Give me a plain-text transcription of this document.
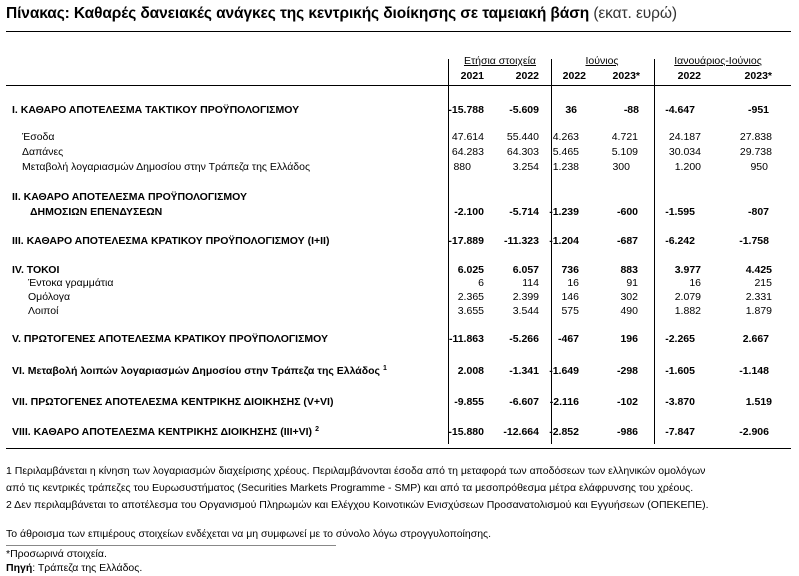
Πίνακας: Καθαρές δανειακές ανάγκες της κεντρικής διοίκησης σε ταμειακή βάση (εκατ. ευρώ)
Ετήσια στοιχεία	Ιούνιος	Ιανουάριος-Ιούνιος
2021	2022	2022	2023*	2022	2023*
I. ΚΑΘΑΡΟ ΑΠΟΤΕΛΕΣΜΑ ΤΑΚΤΙΚΟΥ ΠΡΟΫΠΟΛΟΓΙΣΜΟΥ	-15.788	-5.609	36	-88	-4.647	-951
Έσοδα	47.614	55.440	4.263	4.721	24.187	27.838
Δαπάνες	64.283	64.303	5.465	5.109	30.034	29.738
Μεταβολή λογαριασμών Δημοσίου στην Τράπεζα της Ελλάδος	880	3.254	1.238	300	1.200	950
II. ΚΑΘΑΡΟ ΑΠΟΤΕΛΕΣΜΑ ΠΡΟΫΠΟΛΟΓΙΣΜΟΥ
ΔΗΜΟΣΙΩΝ ΕΠΕΝΔΥΣΕΩΝ	-2.100	-5.714 -1.239	-600	-1.595	-807
III. ΚΑΘΑΡΟ ΑΠΟΤΕΛΕΣΜΑ ΚΡΑΤΙΚΟΥ ΠΡΟΫΠΟΛΟΓΙΣΜΟΥ (I+II)	-17.889	-11.323 -1.204	-687	-6.242	-1.758
IV. ΤΟΚΟΙ	6.025	6.057	736	883	3.977	4.425
Έντοκα γραμμάτια	6	114	16	91	16	215
Ομόλογα	2.365	2.399	146	302	2.079	2.331
Λοιποί	3.655	3.544	575	490	1.882	1.879
V. ΠΡΩΤΟΓΕΝΕΣ ΑΠΟΤΕΛΕΣΜΑ ΚΡΑΤΙΚΟΥ ΠΡΟΫΠΟΛΟΓΙΣΜΟΥ	-11.863	-5.266	-467	196	-2.265	2.667
VI. Μεταβολή λοιπών λογαριασμών Δημοσίου στην Τράπεζα της Ελλάδος $^1$	2.008	-1.341 -1.649	-298	-1.605	-1.148
VII. ΠΡΩΤΟΓΕΝΕΣ ΑΠΟΤΕΛΕΣΜΑ ΚΕΝΤΡΙΚΗΣ ΔΙΟΙΚΗΣΗΣ (V+VI)	-9.855	-6.607	-2.116	-102	-3.870	1.519
VIII. ΚΑΘΑΡΟ ΑΠΟΤΕΛΕΣΜΑ ΚΕΝΤΡΙΚΗΣ ΔΙΟΙΚΗΣΗΣ (III+VI) $^2$	-15.880	-12.664 -2.852	-986	-7.847	-2.906
1 Περιλαμβάνεται η κίνηση των λογαριασμών διαχείρισης χρέους. Περιλαμβάνονται έσοδα από τη μεταφορά των αποδόσεων των ελληνικών ομολόγων
από τις κεντρικές τράπεζες του Ευρωσυστήματος (Securities Markets Programme - SMP) και από τα μεσοπρόθεσμα μέτρα ελάφρυνσης του χρέους.
2 Δεν περιλαμβάνεται το αποτέλεσμα του Οργανισμού Πληρωμών και Ελέγχου Κοινοτικών Ενισχύσεων Προσανατολισμού και Εγγυήσεων (ΟΠΕΚΕΠΕ).
Το άθροισμα των επιμέρους στοιχείων ενδέχεται να μη συμφωνεί με το σύνολο λόγω στρογγυλοποίησης.
*Προσωρινά στοιχεία.
Πηγή: Τράπεζα της Ελλάδος.
